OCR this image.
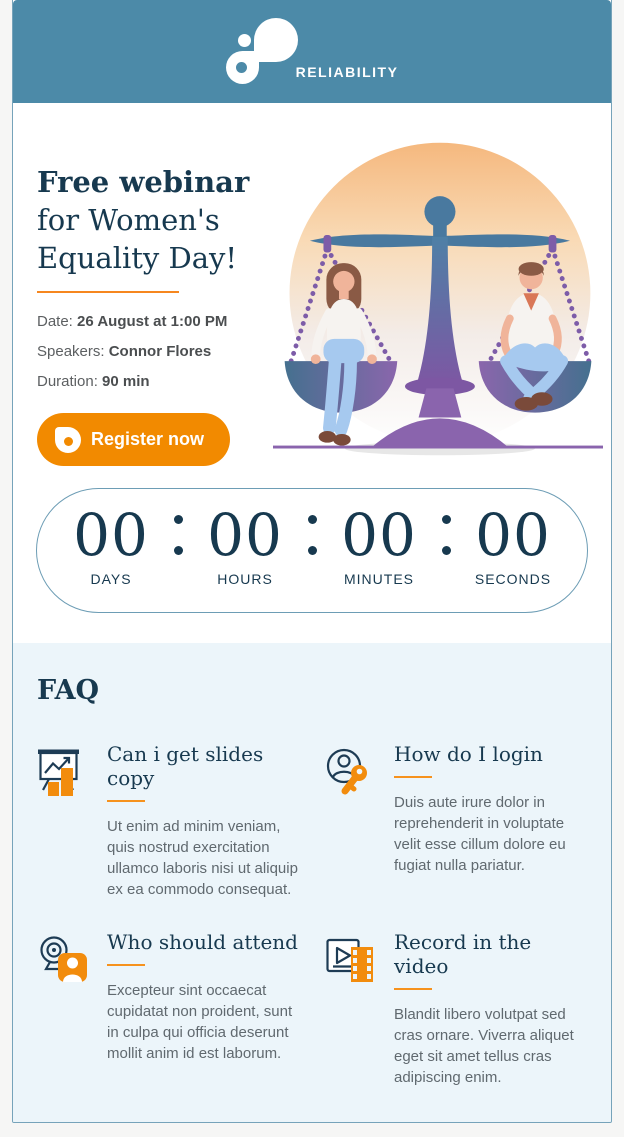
RELIABILITY
Free webinar
for Women's
Equality Day!

Date: 26 August at 1:00 PM

Speakers: Connor Flores

Duration: 90 min

Register now
00
DAYS
00
HOURS
00
MINUTES
00
SECONDS
FAQ
Can i get slides copy

Ut enim ad minim veniam, quis nostrud exercitation ullamco laboris nisi ut aliquip ex ea commodo consequat.

How do I login

Duis aute irure dolor in reprehenderit in voluptate velit esse cillum dolore eu fugiat nulla pariatur.

Who should attend

Excepteur sint occaecat cupidatat non proident, sunt in culpa qui officia deserunt mollit anim id est laborum.

Record in the video

Blandit libero volutpat sed cras ornare. Viverra aliquet eget sit amet tellus cras adipiscing enim.
